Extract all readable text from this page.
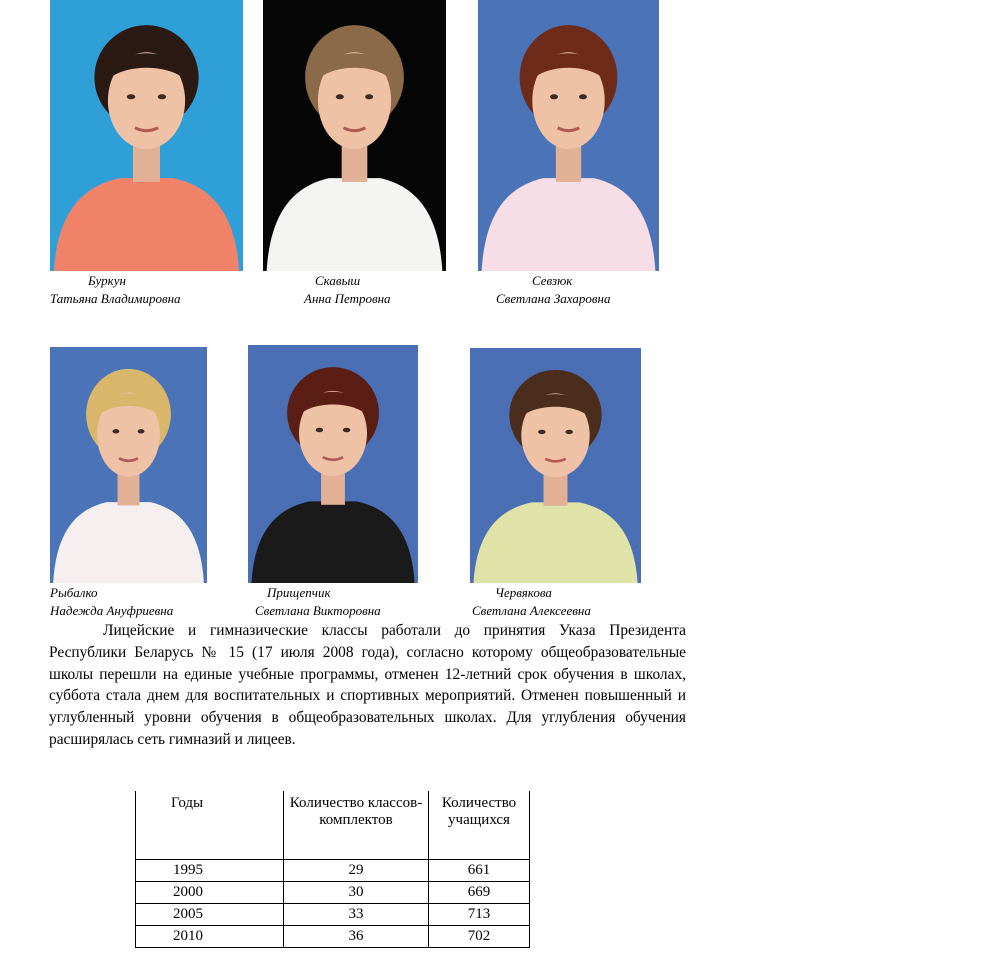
Буркун
Татьяна Владимировна
Скавыш
Анна Петровна
Севзюк
Светлана Захаровна
Рыбалко
Надежда Ануфриевна
Прищепчик
Светлана Викторовна
Червякова
Светлана Алексеевна

Лицейские и гимназические классы работали до принятия Указа Президента Республики Беларусь № 15 (17 июля 2008 года), согласно которому общеобразовательные школы перешли на единые учебные программы, отменен 12-летний срок обучения в школах, суббота стала днем для воспитательных и спортивных мероприятий. Отменен повышенный и углубленный уровни обучения в общеобразовательных школах. Для углубления обучения расширялась сеть гимназий и лицеев.

Годы	Количество классов-комплектов	Количество учащихся
1995	29	661
2000	30	669
2005	33	713
2010	36	702
